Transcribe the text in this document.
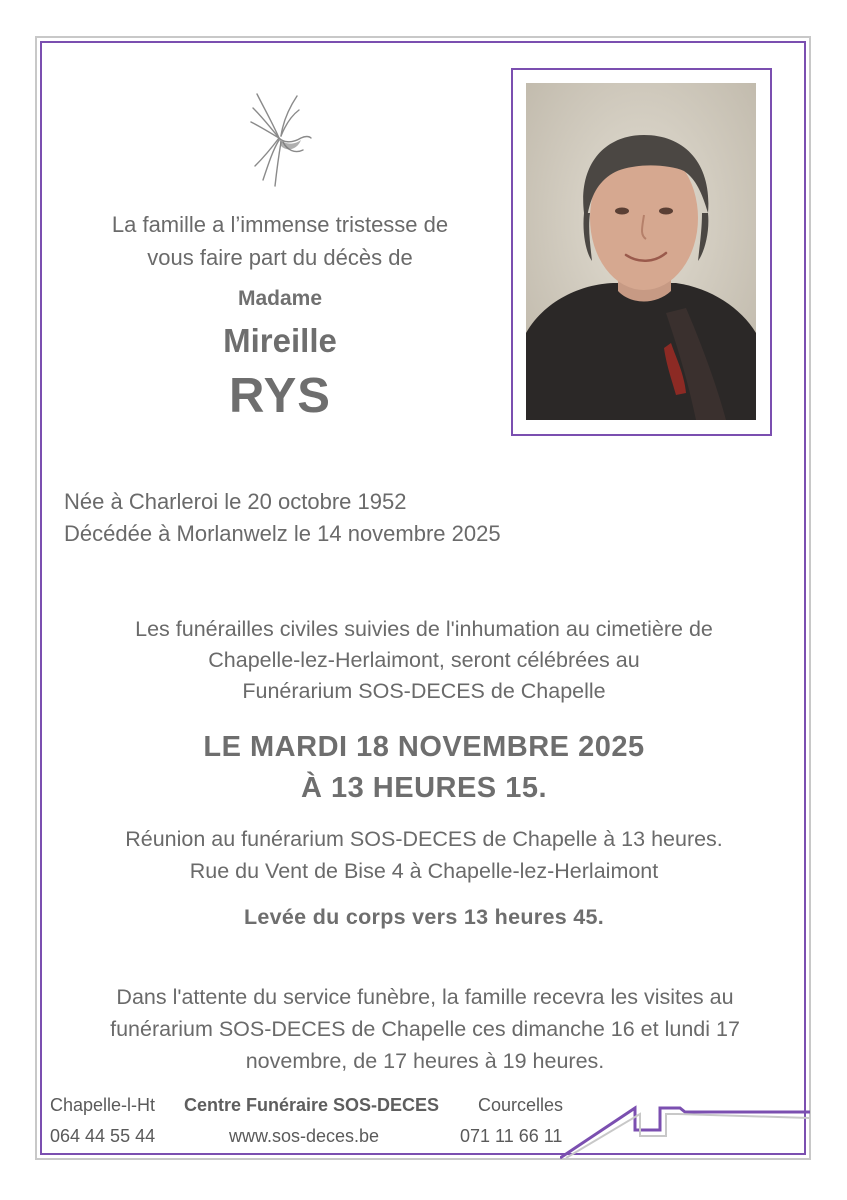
La famille a l’immense tristesse de
vous faire part du décès de
Madame
Mireille
RYS
Née à Charleroi le 20 octobre 1952
Décédée à Morlanwelz le 14 novembre 2025
Les funérailles civiles suivies de l'inhumation au cimetière de
Chapelle-lez-Herlaimont, seront célébrées au
Funérarium SOS-DECES de Chapelle
LE MARDI 18 NOVEMBRE 2025
À 13 HEURES 15.
Réunion au funérarium SOS-DECES de Chapelle à 13 heures.
Rue du Vent de Bise 4 à Chapelle-lez-Herlaimont
Levée du corps vers 13 heures 45.
Dans l'attente du service funèbre, la famille recevra les visites au
funérarium SOS-DECES de Chapelle ces dimanche 16 et lundi 17
novembre, de 17 heures à 19 heures.
Chapelle-l-Ht
064 44 55 44
Centre Funéraire SOS-DECES
www.sos-deces.be
Courcelles
071 11 66 11
